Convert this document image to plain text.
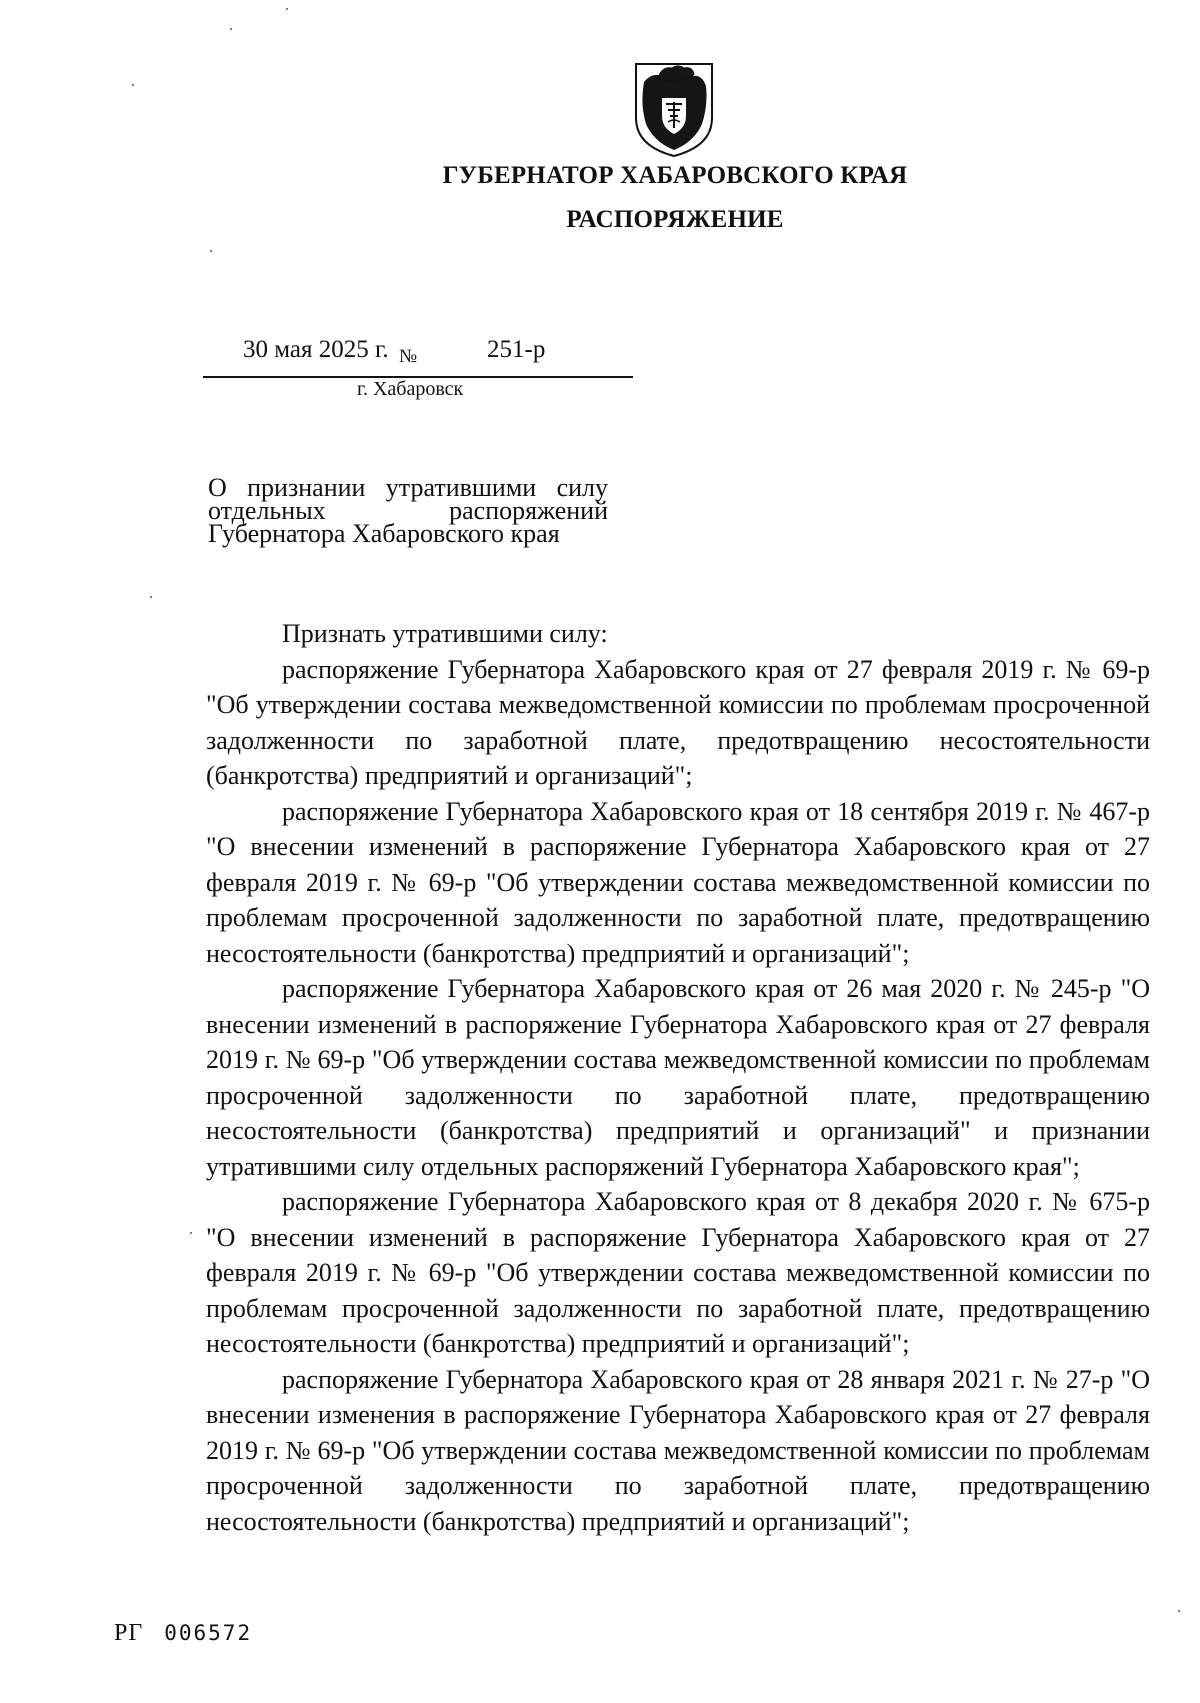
ГУБЕРНАТОР ХАБАРОВСКОГО КРАЯ
РАСПОРЯЖЕНИЕ
30 мая 2025 г. №	251-р
г. Хабаровск
О признании утратившими силу
отдельных распоряжений
Губернатора Хабаровского края

Признать утратившими силу:

распоряжение Губернатора Хабаровского края от 27 февраля 2019 г. № 69-р "Об утверждении состава межведомственной комиссии по проблемам просроченной задолженности по заработной плате, предотвращению несостоятельности (банкротства) предприятий и организаций";

распоряжение Губернатора Хабаровского края от 18 сентября 2019 г. № 467-р "О внесении изменений в распоряжение Губернатора Хабаровского края от 27 февраля 2019 г. № 69-р "Об утверждении состава межведомственной комиссии по проблемам просроченной задолженности по заработной плате, предотвращению несостоятельности (банкротства) предприятий и организаций";

распоряжение Губернатора Хабаровского края от 26 мая 2020 г. № 245-р "О внесении изменений в распоряжение Губернатора Хабаровского края от 27 февраля 2019 г. № 69-р "Об утверждении состава межведомственной комиссии по проблемам просроченной задолженности по заработной плате, предотвращению несостоятельности (банкротства) предприятий и организаций" и признании утратившими силу отдельных распоряжений Губернатора Хабаровского края";

распоряжение Губернатора Хабаровского края от 8 декабря 2020 г. № 675-р "О внесении изменений в распоряжение Губернатора Хабаровского края от 27 февраля 2019 г. № 69-р "Об утверждении состава межведомственной комиссии по проблемам просроченной задолженности по заработной плате, предотвращению несостоятельности (банкротства) предприятий и организаций";

распоряжение Губернатора Хабаровского края от 28 января 2021 г. № 27-р "О внесении изменения в распоряжение Губернатора Хабаровского края от 27 февраля 2019 г. № 69-р "Об утверждении состава межведомственной комиссии по проблемам просроченной задолженности по заработной плате, предотвращению несостоятельности (банкротства) предприятий и организаций";

РГ 006572
